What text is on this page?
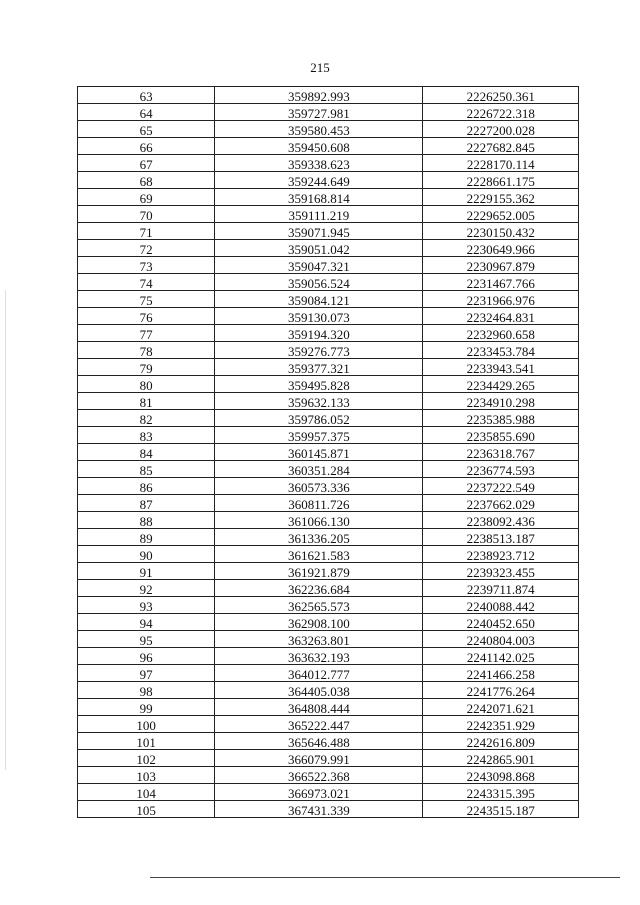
215
63	359892.993	2226250.361
64	359727.981	2226722.318
65	359580.453	2227200.028
66	359450.608	2227682.845
67	359338.623	2228170.114
68	359244.649	2228661.175
69	359168.814	2229155.362
70	359111.219	2229652.005
71	359071.945	2230150.432
72	359051.042	2230649.966
73	359047.321	2230967.879
74	359056.524	2231467.766
75	359084.121	2231966.976
76	359130.073	2232464.831
77	359194.320	2232960.658
78	359276.773	2233453.784
79	359377.321	2233943.541
80	359495.828	2234429.265
81	359632.133	2234910.298
82	359786.052	2235385.988
83	359957.375	2235855.690
84	360145.871	2236318.767
85	360351.284	2236774.593
86	360573.336	2237222.549
87	360811.726	2237662.029
88	361066.130	2238092.436
89	361336.205	2238513.187
90	361621.583	2238923.712
91	361921.879	2239323.455
92	362236.684	2239711.874
93	362565.573	2240088.442
94	362908.100	2240452.650
95	363263.801	2240804.003
96	363632.193	2241142.025
97	364012.777	2241466.258
98	364405.038	2241776.264
99	364808.444	2242071.621
100	365222.447	2242351.929
101	365646.488	2242616.809
102	366079.991	2242865.901
103	366522.368	2243098.868
104	366973.021	2243315.395
105	367431.339	2243515.187
